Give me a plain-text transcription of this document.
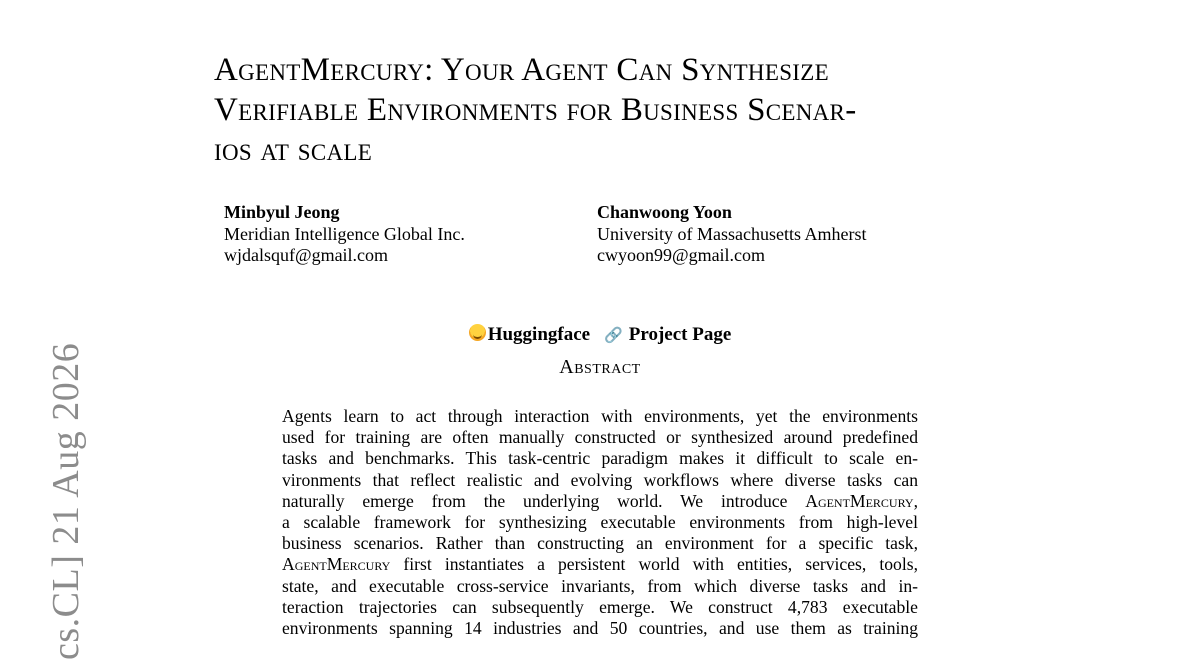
AgentMercury: Your Agent Can Synthesize
Verifiable Environments for Business Scenar-
ios at scale
Minbyul Jeong
Meridian Intelligence Global Inc.
wjdalsquf@gmail.com
Chanwoong Yoon
University of Massachusetts Amherst
cwyoon99@gmail.com
Huggingface 🔗 Project Page
Abstract
Agents learn to act through interaction with environments, yet the environments
used for training are often manually constructed or synthesized around predefined
tasks and benchmarks. This task-centric paradigm makes it difficult to scale en-
vironments that reflect realistic and evolving workflows where diverse tasks can
naturally emerge from the underlying world. We introduce AgentMercury,
a scalable framework for synthesizing executable environments from high-level
business scenarios. Rather than constructing an environment for a specific task,
AgentMercury first instantiates a persistent world with entities, services, tools,
state, and executable cross-service invariants, from which diverse tasks and in-
teraction trajectories can subsequently emerge. We construct 4,783 executable
environments spanning 14 industries and 50 countries, and use them as training
cs.CL] 21 Aug 2026
